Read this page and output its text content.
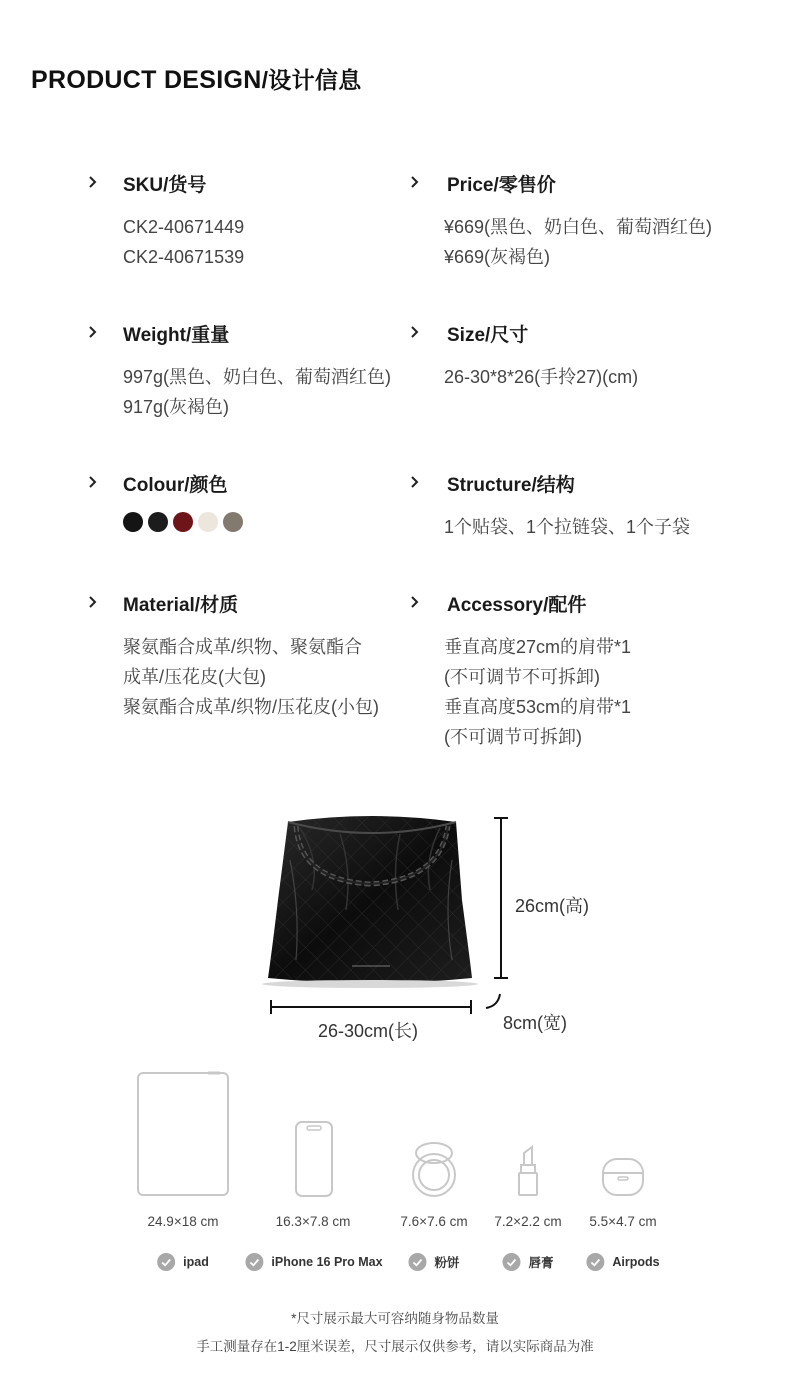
PRODUCT DESIGN/设计信息
SKU/货号
CK2-40671449
CK2-40671539
Price/零售价
¥669(黑色、奶白色、葡萄酒红色)
¥669(灰褐色)
Weight/重量
997g(黑色、奶白色、葡萄酒红色)
917g(灰褐色)
Size/尺寸
26-30*8*26(手拎27)(cm)
Colour/颜色	Structure/结构
1个贴袋、1个拉链袋、1个子袋
Material/材质
聚氨酯合成革/织物、聚氨酯合
成革/压花皮(大包)
聚氨酯合成革/织物/压花皮(小包)
Accessory/配件
垂直高度27cm的肩带*1
(不可调节不可拆卸)
垂直高度53cm的肩带*1
(不可调节可拆卸)
26cm(高)
26-30cm(长)	8cm(宽)
24.9×18 cm	16.3×7.8 cm	7.6×7.6 cm 7.2×2.2 cm 5.5×4.7 cm
ipad	iPhone 16 Pro Max	粉饼	唇膏	Airpods
*尺寸展示最大可容纳随身物品数量
手工测量存在1-2厘米误差，尺寸展示仅供参考，请以实际商品为准
